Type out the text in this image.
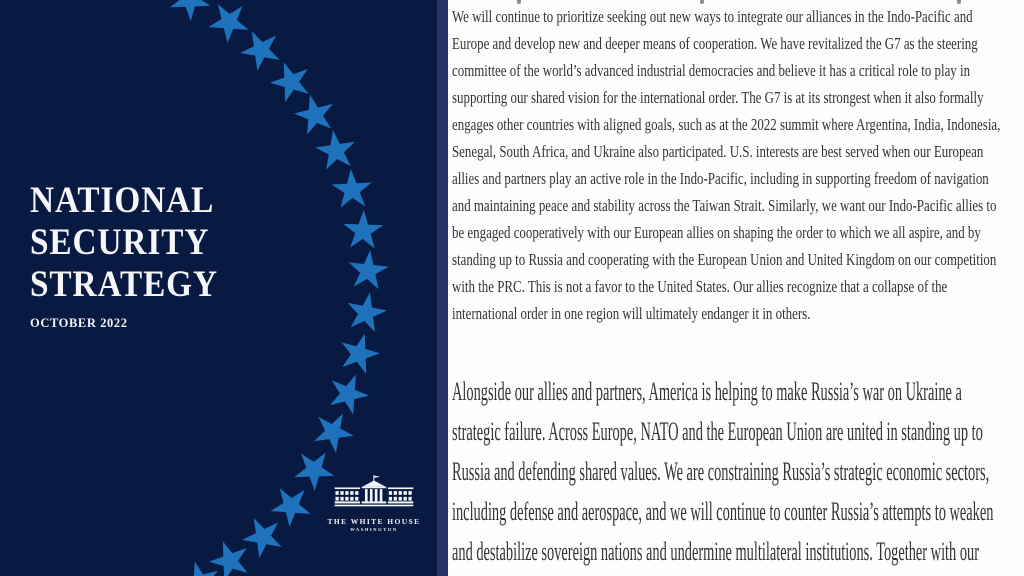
NATIONAL
SECURITY
STRATEGY
OCTOBER 2022
THE WHITE HOUSE
WASHINGTON
We will continue to prioritize seeking out new ways to integrate our alliances in the Indo-Pacific and Europe and develop new and deeper means of cooperation. We have revitalized the G7 as the steering committee of the world’s advanced industrial democracies and believe it has a critical role to play in supporting our shared vision for the international order. The G7 is at its strongest when it also formally engages other countries with aligned goals, such as at the 2022 summit where Argentina, India, Indonesia, Senegal, South Africa, and Ukraine also participated. U.S. interests are best served when our European allies and partners play an active role in the Indo-Pacific, including in supporting freedom of navigation and maintaining peace and stability across the Taiwan Strait. Similarly, we want our Indo-Pacific allies to be engaged cooperatively with our European allies on shaping the order to which we all aspire, and by standing up to Russia and cooperating with the European Union and United Kingdom on our competition with the PRC. This is not a favor to the United States. Our allies recognize that a collapse of the international order in one region will ultimately endanger it in others.
Alongside our allies and partners, America is helping to make Russia’s war on Ukraine a strategic failure. Across Europe, NATO and the European Union are united in standing up to Russia and defending shared values. We are constraining Russia’s strategic economic sectors, including defense and aerospace, and we will continue to counter Russia’s attempts to weaken and destabilize sovereign nations and undermine multilateral institutions. Together with our
